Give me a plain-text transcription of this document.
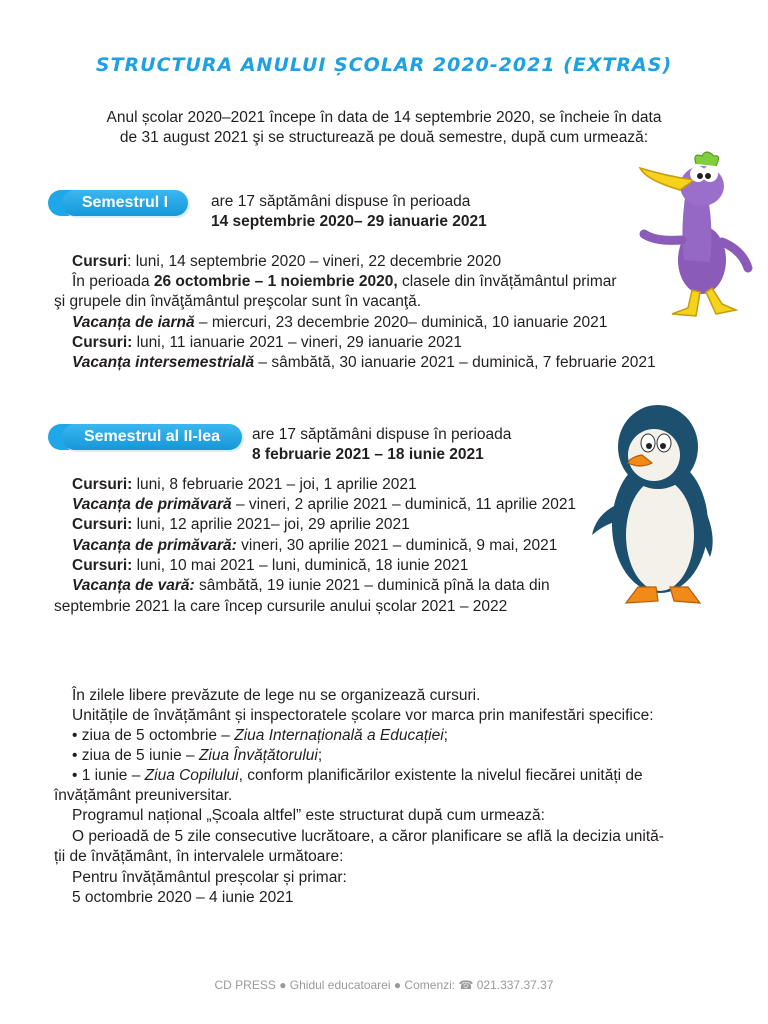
STRUCTURA ANULUI ȘCOLAR 2020-2021 (EXTRAS)
Anul școlar 2020–2021 începe în data de 14 septembrie 2020, se încheie în data
de 31 august 2021 şi se structurează pe două semestre, după cum urmează:
Semestrul I	are 17 săptămâni dispuse în perioada
14 septembrie 2020– 29 ianuarie 2021
Cursuri: luni, 14 septembrie 2020 – vineri, 22 decembrie 2020
În perioada 26 octombrie – 1 noiembrie 2020, clasele din învățământul primar
şi grupele din învăţământul preşcolar sunt în vacanţă.
Vacanța de iarnă – miercuri, 23 decembrie 2020– duminică, 10 ianuarie 2021
Cursuri: luni, 11 ianuarie 2021 – vineri, 29 ianuarie 2021
Vacanța intersemestrială – sâmbătă, 30 ianuarie 2021 – duminică, 7 februarie 2021
Semestrul al II-lea	are 17 săptămâni dispuse în perioada
8 februarie 2021 – 18 iunie 2021
Cursuri: luni, 8 februarie 2021 – joi, 1 aprilie 2021
Vacanța de primăvară – vineri, 2 aprilie 2021 – duminică, 11 aprilie 2021
Cursuri: luni, 12 aprilie 2021– joi, 29 aprilie 2021
Vacanța de primăvară: vineri, 30 aprilie 2021 – duminică, 9 mai, 2021
Cursuri: luni, 10 mai 2021 – luni, duminică, 18 iunie 2021
Vacanța de vară: sâmbătă, 19 iunie 2021 – duminică pînă la data din
septembrie 2021 la care încep cursurile anului școlar 2021 – 2022
În zilele libere prevăzute de lege nu se organizează cursuri.
Unitățile de învățământ și inspectoratele școlare vor marca prin manifestări specifice:
• ziua de 5 octombrie – Ziua Internațională a Educației;
• ziua de 5 iunie – Ziua Învățătorului;
• 1 iunie – Ziua Copilului, conform planificărilor existente la nivelul fiecărei unități de
învățământ preuniversitar.
Programul național „Școala altfel” este structurat după cum urmează:
O perioadă de 5 zile consecutive lucrătoare, a căror planificare se află la decizia unită-
ții de învățământ, în intervalele următoare:
Pentru învățământul preșcolar și primar:
5 octombrie 2020 – 4 iunie 2021
CD PRESS ● Ghidul educatoarei ● Comenzi: ☎ 021.337.37.37
